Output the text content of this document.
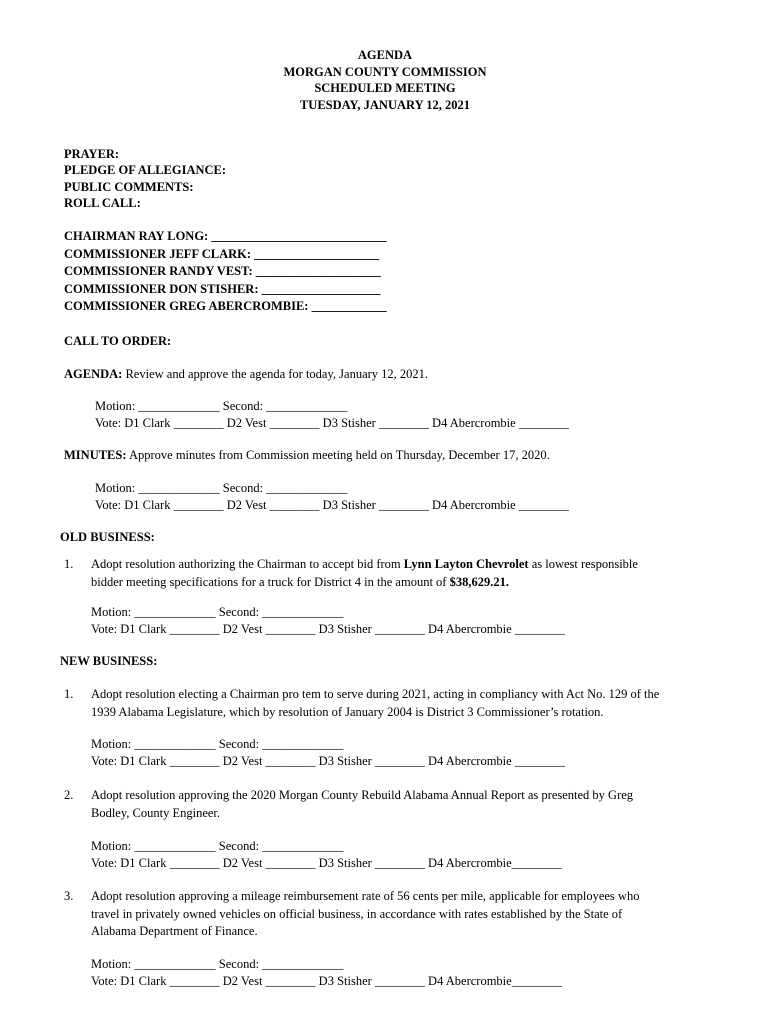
AGENDA
MORGAN COUNTY COMMISSION
SCHEDULED MEETING
TUESDAY, JANUARY 12, 2021
PRAYER:
PLEDGE OF ALLEGIANCE:
PUBLIC COMMENTS:
ROLL CALL:
CHAIRMAN RAY LONG: ____________________________
COMMISSIONER JEFF CLARK: ____________________
COMMISSIONER RANDY VEST: ____________________
COMMISSIONER DON STISHER: ___________________
COMMISSIONER GREG ABERCROMBIE: ____________
CALL TO ORDER:
AGENDA: Review and approve the agenda for today, January 12, 2021.
Motion: _____________ Second: _____________
Vote: D1 Clark ________ D2 Vest ________ D3 Stisher ________ D4 Abercrombie ________
MINUTES: Approve minutes from Commission meeting held on Thursday, December 17, 2020.
Motion: _____________ Second: _____________
Vote: D1 Clark ________ D2 Vest ________ D3 Stisher ________ D4 Abercrombie ________
OLD BUSINESS:
1. Adopt resolution authorizing the Chairman to accept bid from Lynn Layton Chevrolet as lowest responsible
bidder meeting specifications for a truck for District 4 in the amount of $38,629.21.
Motion: _____________ Second: _____________
Vote: D1 Clark ________ D2 Vest ________ D3 Stisher ________ D4 Abercrombie ________
NEW BUSINESS:
1. Adopt resolution electing a Chairman pro tem to serve during 2021, acting in compliancy with Act No. 129 of the
1939 Alabama Legislature, which by resolution of January 2004 is District 3 Commissioner’s rotation.
Motion: _____________ Second: _____________
Vote: D1 Clark ________ D2 Vest ________ D3 Stisher ________ D4 Abercrombie ________
2. Adopt resolution approving the 2020 Morgan County Rebuild Alabama Annual Report as presented by Greg
Bodley, County Engineer.
Motion: _____________ Second: _____________
Vote: D1 Clark ________ D2 Vest ________ D3 Stisher ________ D4 Abercrombie________
3. Adopt resolution approving a mileage reimbursement rate of 56 cents per mile, applicable for employees who
travel in privately owned vehicles on official business, in accordance with rates established by the State of
Alabama Department of Finance.
Motion: _____________ Second: _____________
Vote: D1 Clark ________ D2 Vest ________ D3 Stisher ________ D4 Abercrombie________
